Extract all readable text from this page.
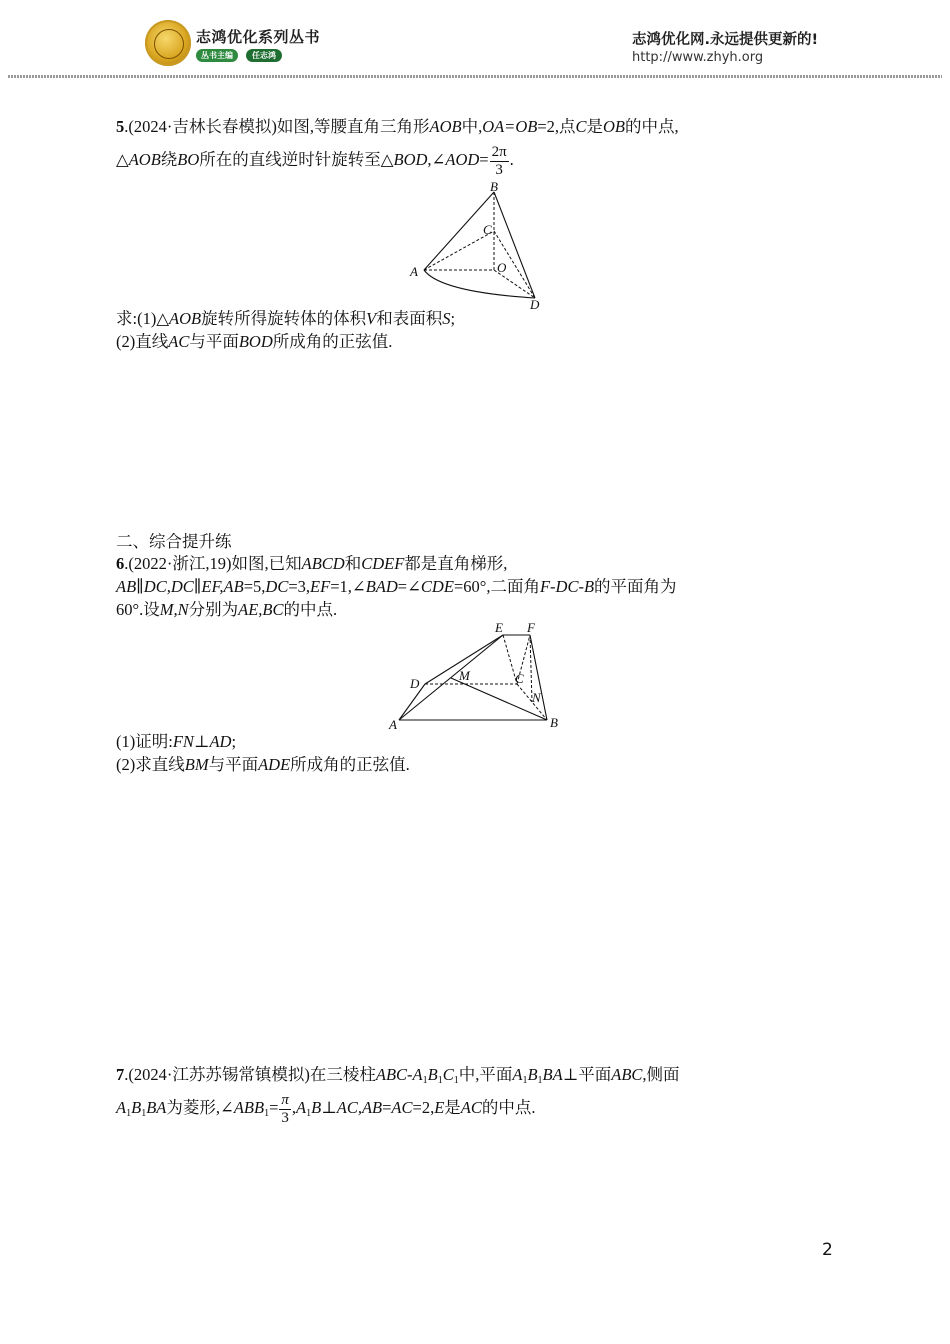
志鸿优化系列丛书
丛书主编	任志鸿
志鸿优化网.永远提供更新的!
http://www.zhyh.org
5.(2024·吉林长春模拟)如图,等腰直角三角形AOB中,OA=OB=2,点C是OB的中点,
△AOB绕BO所在的直线逆时针旋转至△BOD,∠AOD= $\frac{2\pi}{3}$ .
B
C
A	O
D
求:(1)△AOB旋转所得旋转体的体积V和表面积S;
(2)直线AC与平面BOD所成角的正弦值.
二、综合提升练
6.(2022·浙江,19)如图,已知ABCD和CDEF都是直角梯形,
AB∥DC,DC∥EF,AB=5,DC=3,EF=1,∠BAD=∠CDE=60°,二面角F-DC-B的平面角为
60°.设M,N分别为AE,BC的中点.
E F
D
M	C
N
A	B
(1)证明:FN⊥AD;
(2)求直线BM与平面ADE所成角的正弦值.
7.(2024·江苏苏锡常镇模拟)在三棱柱ABC-$A_1B_1C_1$中,平面$A_1B_1BA\perp$平面ABC,侧面
$A_1B_1BA$为菱形$,\angle ABB_1= \frac{\pi}{3}$ $,A_1B\perp AC,AB=AC=2,E$是AC的中点.
2
